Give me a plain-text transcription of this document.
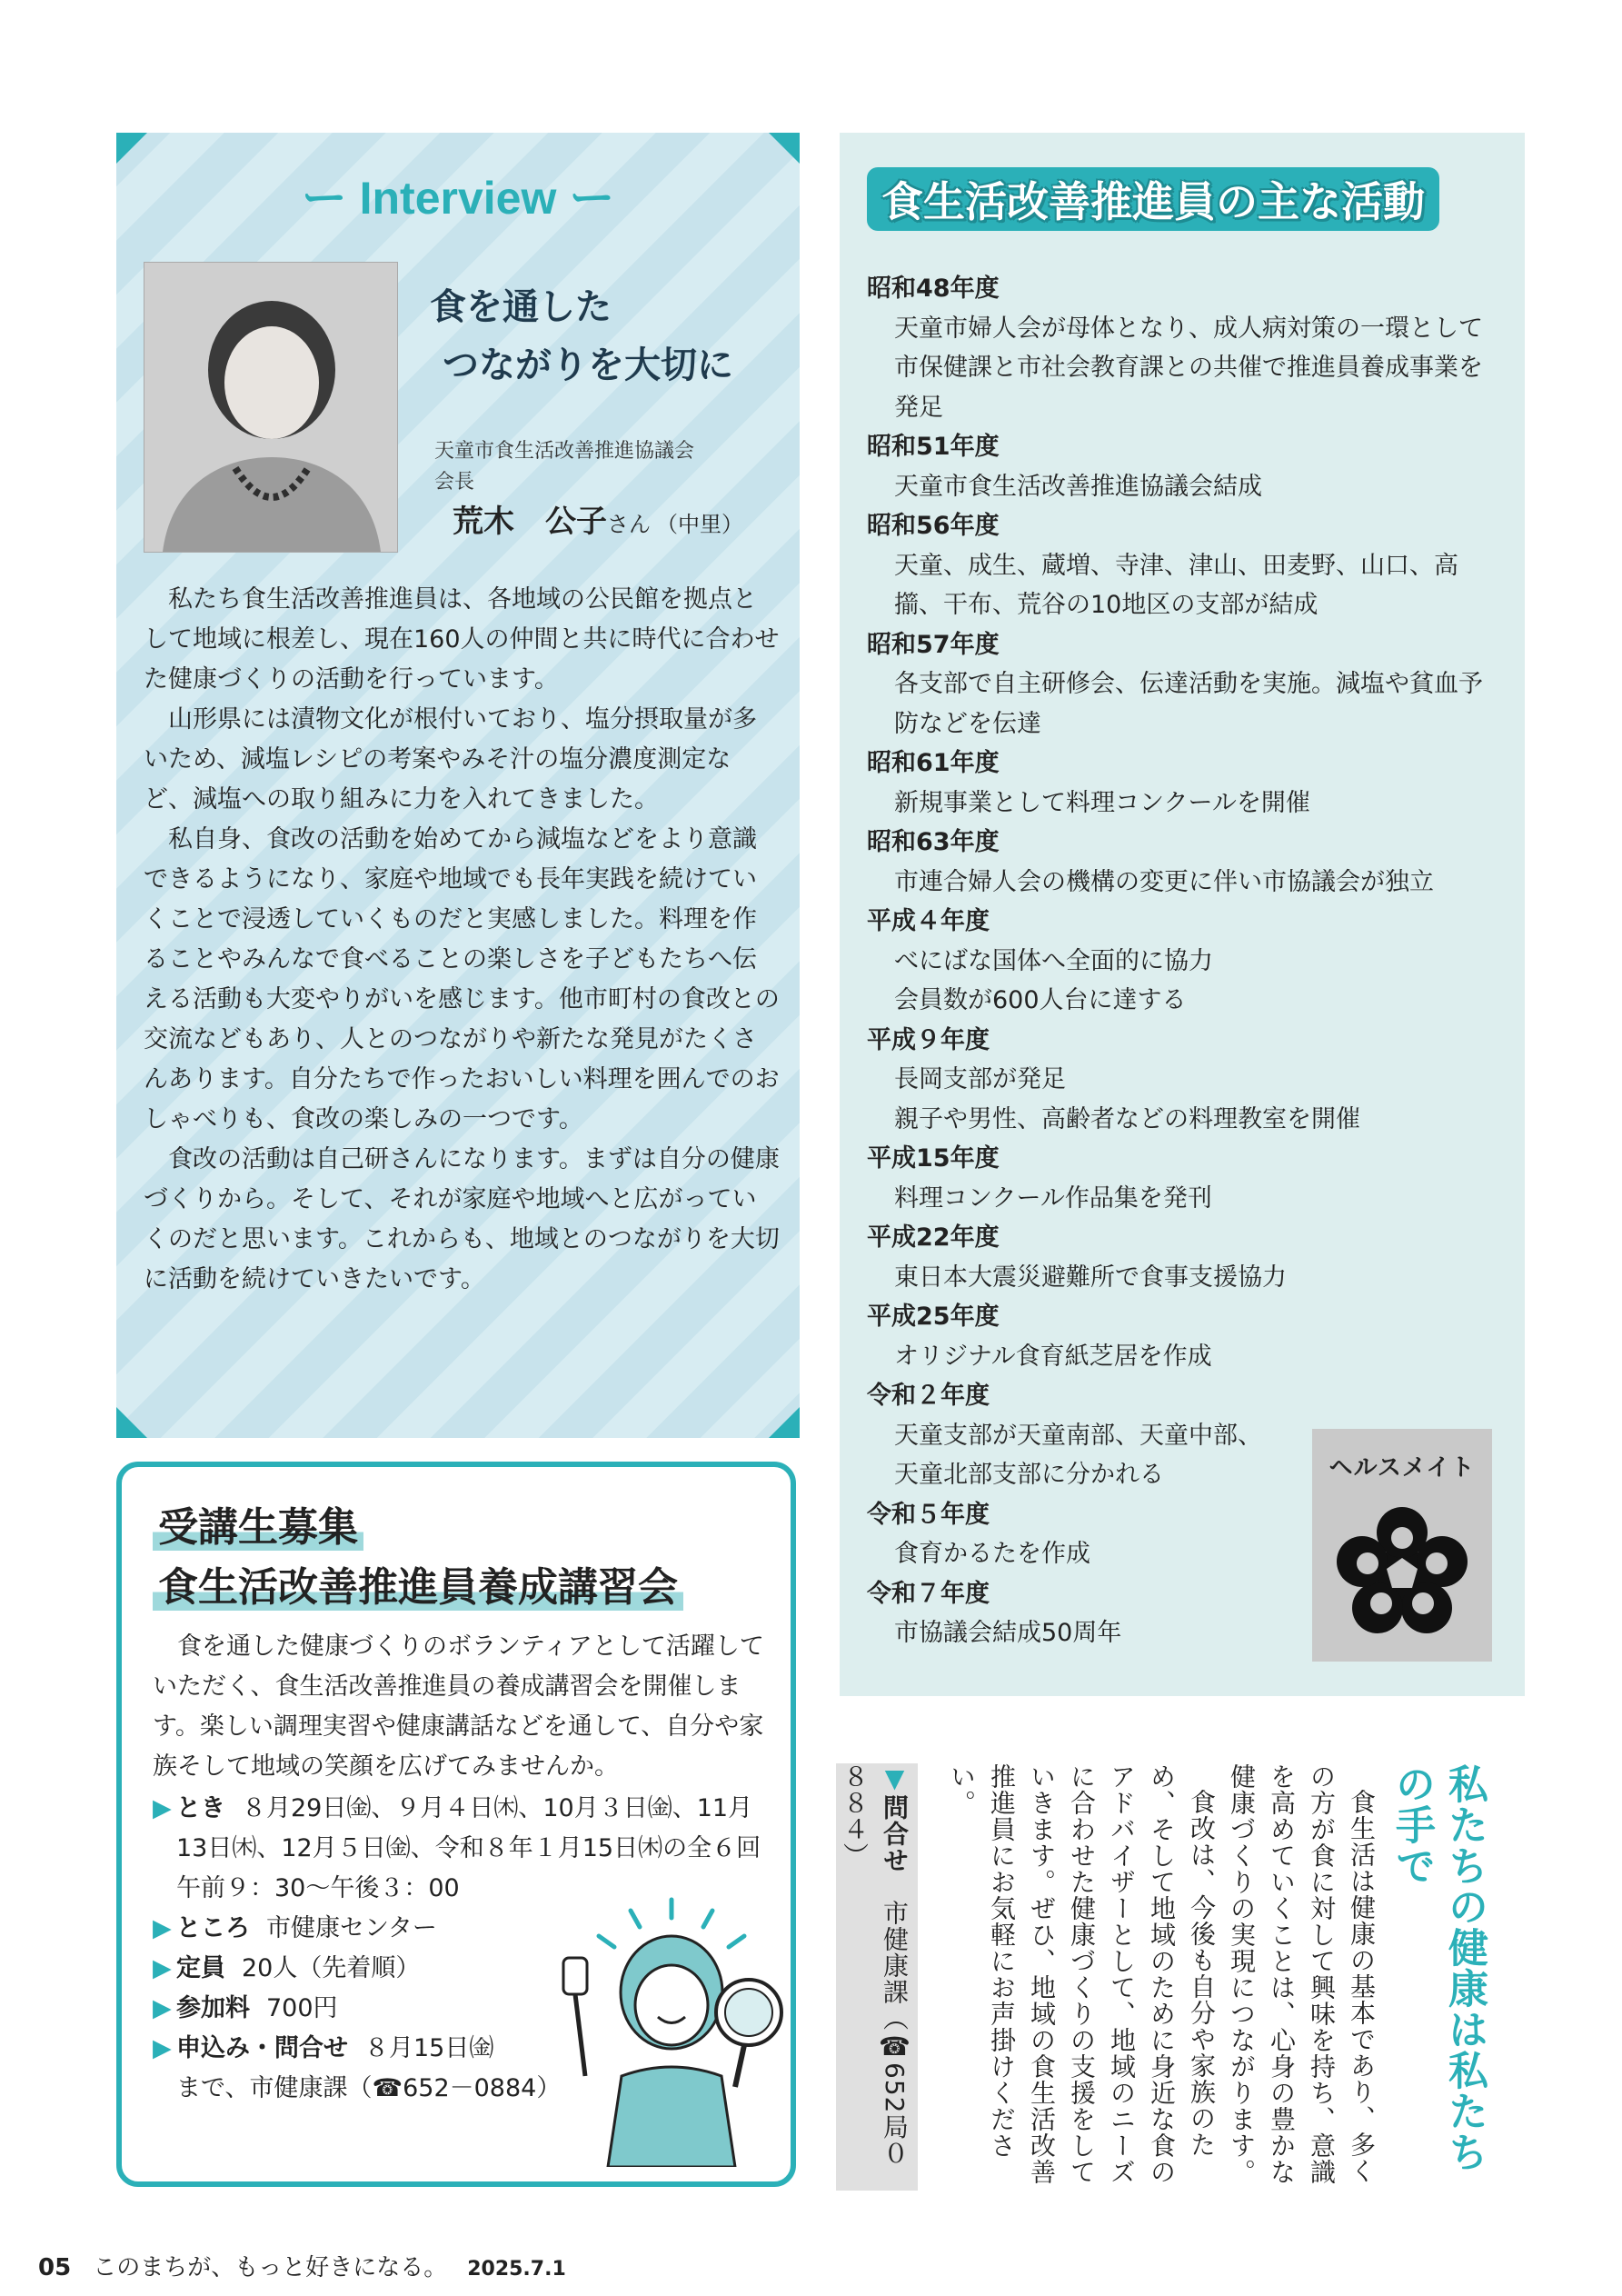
ー Interview ー
食を通した
つながりを大切に
天童市食生活改善推進協議会
会長
荒木　公子さん （中里）

私たち食生活改善推進員は、各地域の公民館を拠点として地域に根差し、現在160人の仲間と共に時代に合わせた健康づくりの活動を行っています。

山形県には漬物文化が根付いており、塩分摂取量が多いため、減塩レシピの考案やみそ汁の塩分濃度測定など、減塩への取り組みに力を入れてきました。

私自身、食改の活動を始めてから減塩などをより意識できるようになり、家庭や地域でも長年実践を続けていくことで浸透していくものだと実感しました。料理を作ることやみんなで食べることの楽しさを子どもたちへ伝える活動も大変やりがいを感じます。他市町村の食改との交流などもあり、人とのつながりや新たな発見がたくさんあります。自分たちで作ったおいしい料理を囲んでのおしゃべりも、食改の楽しみの一つです。

食改の活動は自己研さんになります。まずは自分の健康づくりから。そして、それが家庭や地域へと広がっていくのだと思います。これからも、地域とのつながりを大切に活動を続けていきたいです。

食生活改善推進員の主な活動
昭和48年度
天童市婦人会が母体となり、成人病対策の一環として市保健課と市社会教育課との共催で推進員養成事業を発足
昭和51年度
天童市食生活改善推進協議会結成
昭和56年度
天童、成生、蔵増、寺津、津山、田麦野、山口、高擶、干布、荒谷の10地区の支部が結成
昭和57年度
各支部で自主研修会、伝達活動を実施。減塩や貧血予防などを伝達
昭和61年度
新規事業として料理コンクールを開催
昭和63年度
市連合婦人会の機構の変更に伴い市協議会が独立
平成４年度
べにばな国体へ全面的に協力
会員数が600人台に達する
平成９年度
長岡支部が発足
親子や男性、高齢者などの料理教室を開催
平成15年度
料理コンクール作品集を発刊
平成22年度
東日本大震災避難所で食事支援協力
平成25年度
オリジナル食育紙芝居を作成
令和２年度
天童支部が天童南部、天童中部、
天童北部支部に分かれる
令和５年度
食育かるたを作成
令和７年度
市協議会結成50周年
ヘルスメイト
受講生募集
食生活改善推進員養成講習会

食を通した健康づくりのボランティアとして活躍していただく、食生活改善推進員の養成講習会を開催します。楽しい調理実習や健康講話などを通して、自分や家族そして地域の笑顔を広げてみませんか。

▶ とき ８月29日㈮、９月４日㈭、10月３日㈮、11月13日㈭、12月５日㈮、令和８年１月15日㈭の全６回
午前９：30～午後３：00
▶ ところ 市健康センター
▶ 定員 20人（先着順）
▶ 参加料 700円
▶ 申込み・問合せ ８月15日㈮
まで、市健康課（☎652－0884）	私たちの健康は私たちの手で

食生活は健康の基本であり、多くの方が食に対して興味を持ち、意識を高めていくことは、心身の豊かな健康づくりの実現につながります。

食改は、今後も自分や家族のため、そして地域のために身近な食のアドバイザーとして、地域のニーズに合わせた健康づくりの支援をしていきます。ぜひ、地域の食生活改善推進員にお気軽にお声掛けください。

▼問合せ　市健康課（☎652局０８８４）
05 このまちが、もっと好きになる。 2025.7.1
